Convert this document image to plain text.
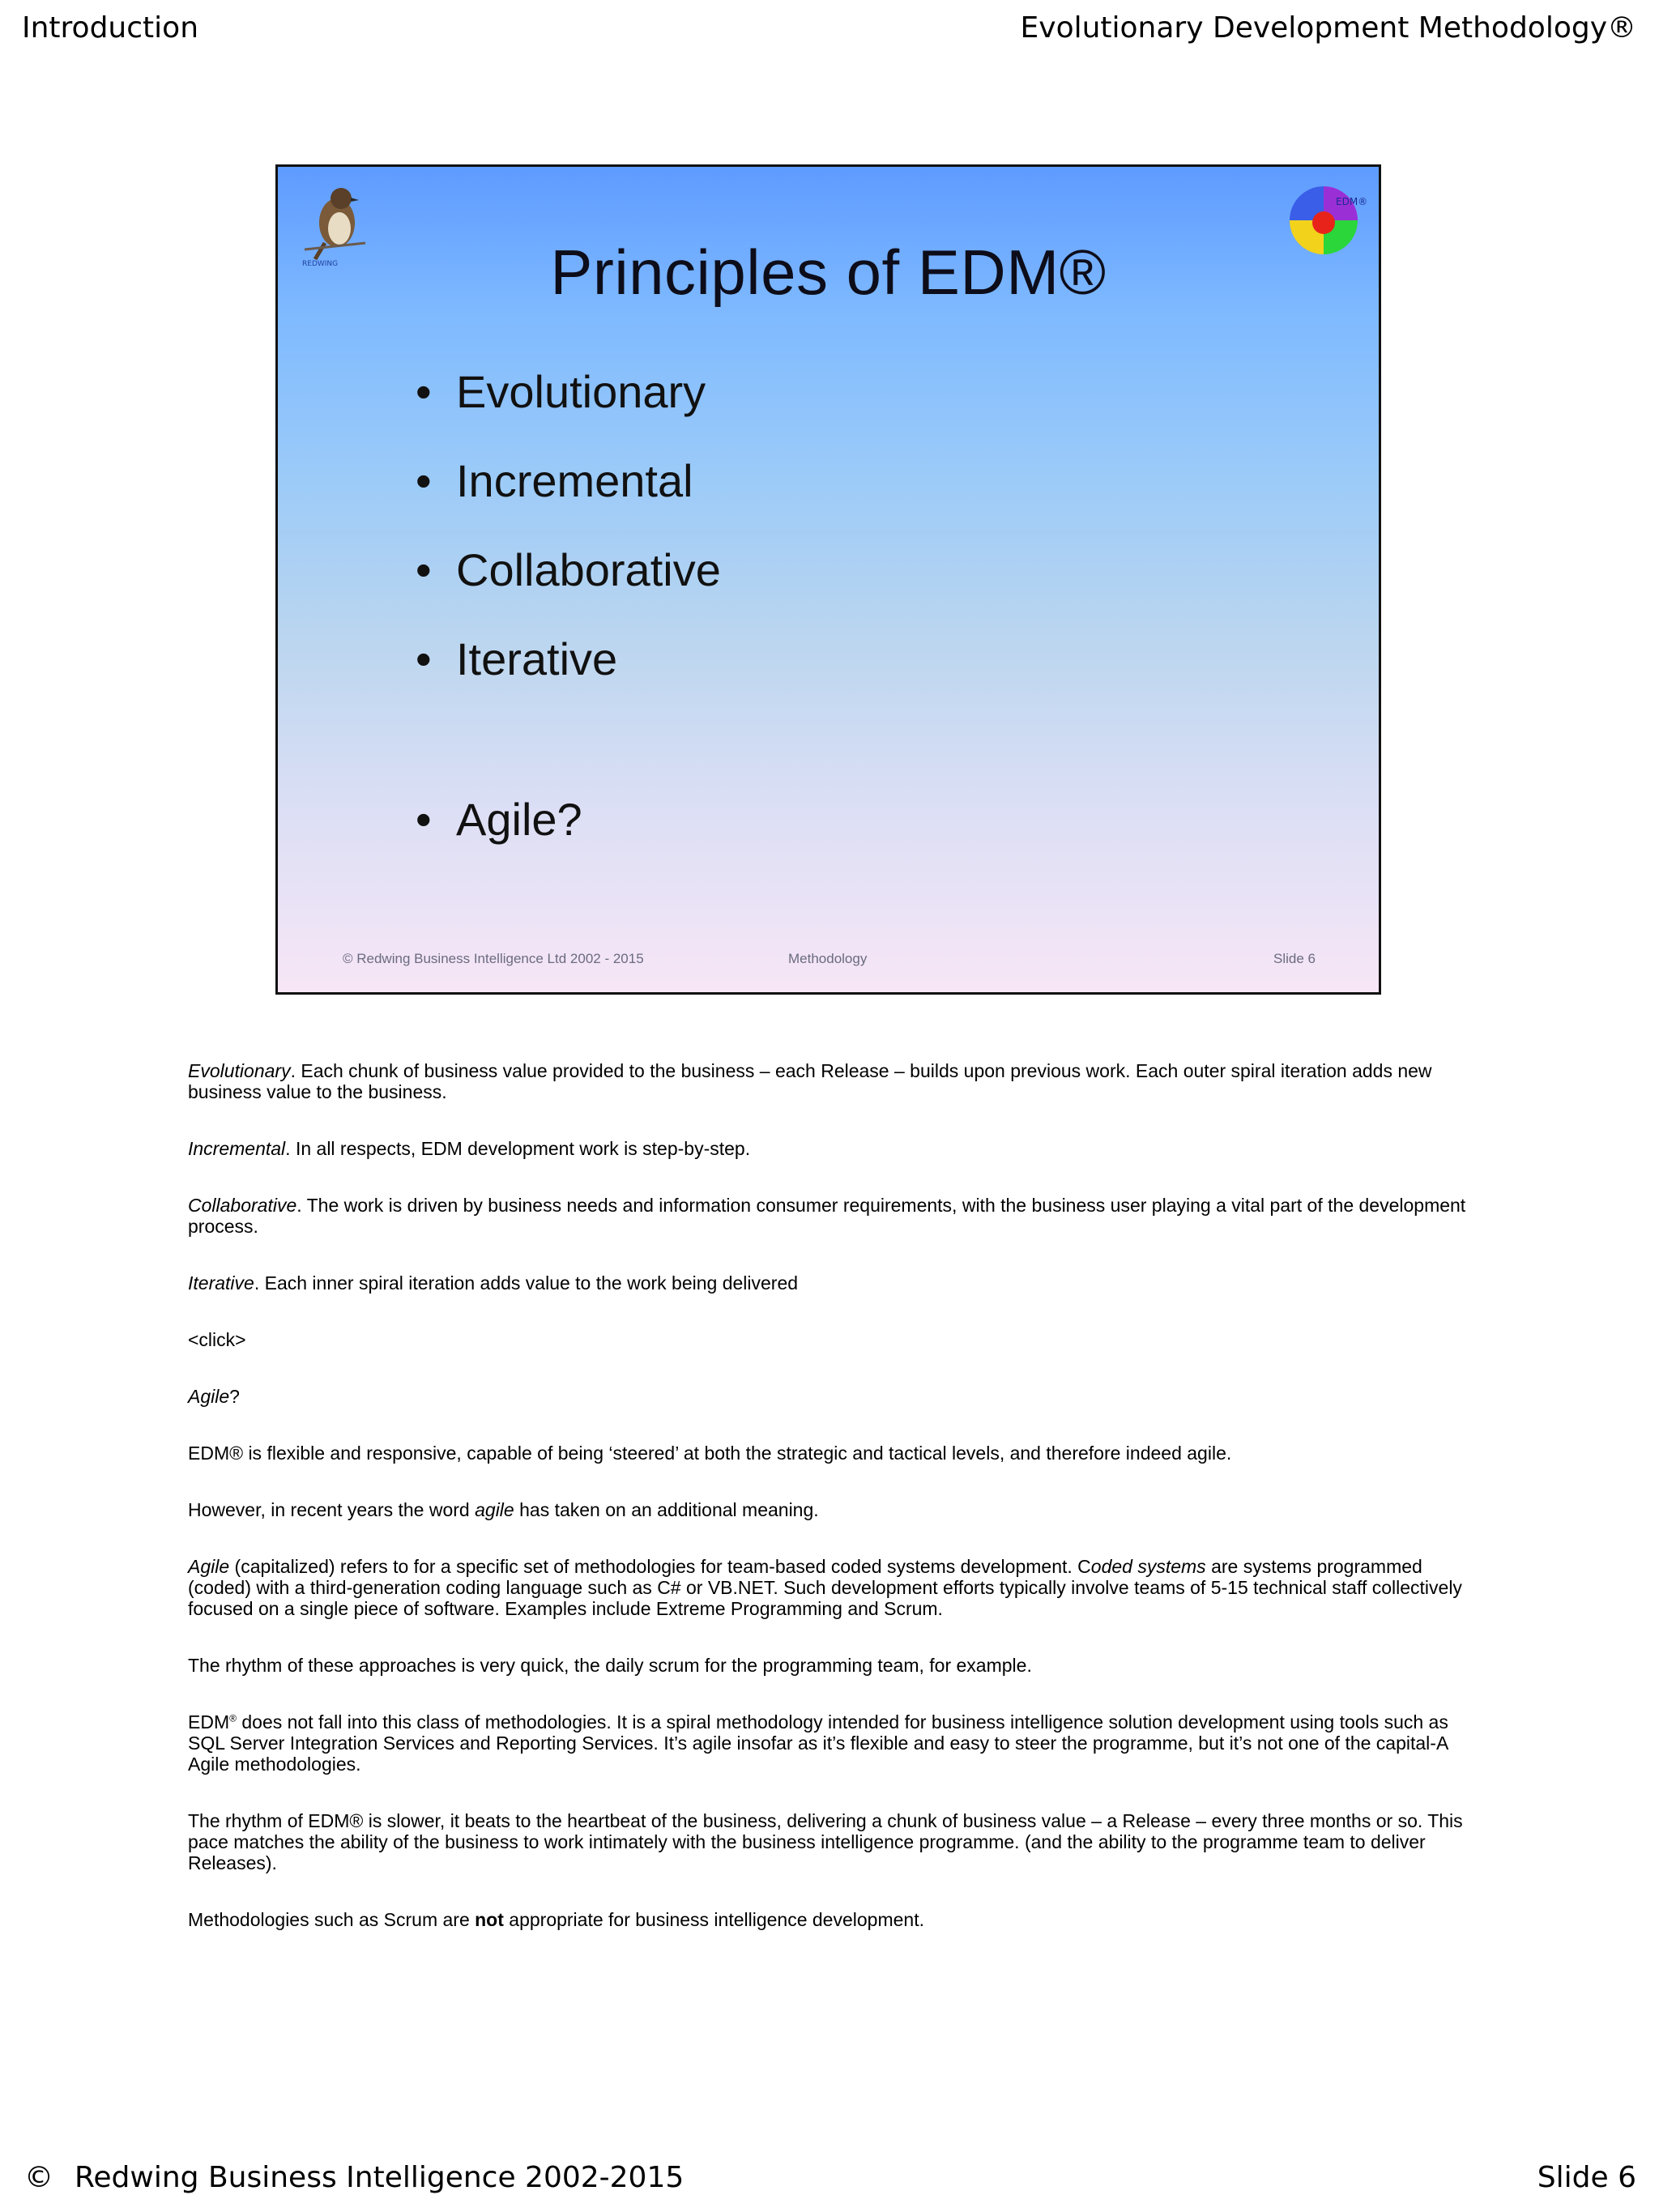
Introduction	Evolutionary Development Methodology®
REDWING
EDM®
Principles of EDM®
• Evolutionary
• Incremental
• Collaborative
• Iterative
• Agile?
© Redwing Business Intelligence Ltd 2002 - 2015	Methodology	Slide 6

Evolutionary. Each chunk of business value provided to the business – each Release – builds upon previous work. Each outer spiral iteration adds new business value to the business.

Incremental. In all respects, EDM development work is step-by-step.

Collaborative. The work is driven by business needs and information consumer requirements, with the business user playing a vital part of the development process.

Iterative. Each inner spiral iteration adds value to the work being delivered

<click>

Agile?

EDM® is flexible and responsive, capable of being ‘steered’ at both the strategic and tactical levels, and therefore indeed agile.

However, in recent years the word agile has taken on an additional meaning.

Agile (capitalized) refers to for a specific set of methodologies for team-based coded systems development. Coded systems are systems programmed (coded) with a third-generation coding language such as C# or VB.NET. Such development efforts typically involve teams of 5-15 technical staff collectively focused on a single piece of software. Examples include Extreme Programming and Scrum.

The rhythm of these approaches is very quick, the daily scrum for the programming team, for example.

EDM® does not fall into this class of methodologies. It is a spiral methodology intended for business intelligence solution development using tools such as SQL Server Integration Services and Reporting Services. It’s agile insofar as it’s flexible and easy to steer the programme, but it’s not one of the capital-A Agile methodologies.

The rhythm of EDM® is slower, it beats to the heartbeat of the business, delivering a chunk of business value – a Release – every three months or so. This pace matches the ability of the business to work intimately with the business intelligence programme. (and the ability to the programme team to deliver Releases).

Methodologies such as Scrum are not appropriate for business intelligence development.

© Redwing Business Intelligence 2002-2015	Slide 6
